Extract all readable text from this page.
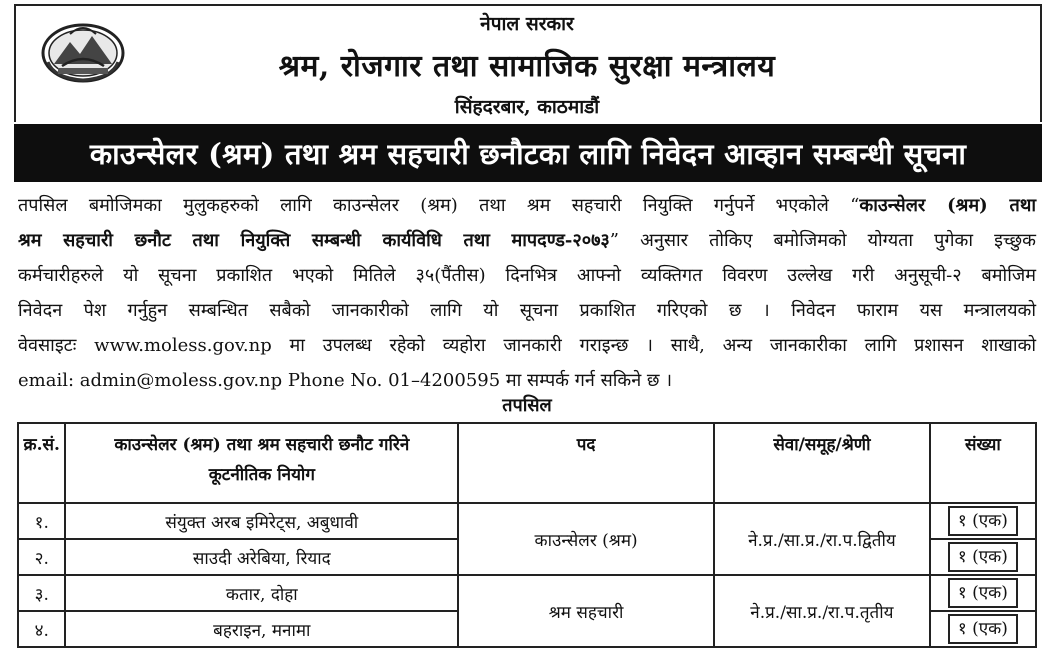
नेपाल सरकार
श्रम, रोजगार तथा सामाजिक सुरक्षा मन्त्रालय
सिंहदरबार, काठमाडौं
काउन्सेलर (श्रम) तथा श्रम सहचारी छनौटका लागि निवेदन आव्हान सम्बन्धी सूचना
तपसिल बमोजिमका मुलुकहरुको लागि काउन्सेलर (श्रम) तथा श्रम सहचारी नियुक्ति गर्नुपर्ने भएकोले “काउन्सेलर (श्रम) तथा
श्रम सहचारी छनौट तथा नियुक्ति सम्बन्धी कार्यविधि तथा मापदण्ड-२०७३” अनुसार तोकिए बमोजिमको योग्यता पुगेका इच्छुक
कर्मचारीहरुले यो सूचना प्रकाशित भएको मितिले ३५(पैंतीस) दिनभित्र आफ्नो व्यक्तिगत विवरण उल्लेख गरी अनुसूची-२ बमोजिम
निवेदन पेश गर्नुहुन सम्बन्धित सबैको जानकारीको लागि यो सूचना प्रकाशित गरिएको छ । निवेदन फाराम यस मन्त्रालयको
वेवसाइटः www.moless.gov.np मा उपलब्ध रहेको व्यहोरा जानकारी गराइन्छ । साथै, अन्य जानकारीका लागि प्रशासन शाखाको
email: admin@moless.gov.np Phone No. 01–4200595 मा सम्पर्क गर्न सकिने छ ।
तपसिल
क्र.सं.	काउन्सेलर (श्रम) तथा श्रम सहचारी छनौट गरिने कूटनीतिक नियोग	पद	सेवा/समूह/श्रेणी	संख्या
१.	संयुक्त अरब इमिरेट्स, अबुधावी	काउन्सेलर (श्रम)	ने.प्र./सा.प्र./रा.प.द्वितीय	१ (एक)
२.	साउदी अरेबिया, रियाद			१ (एक)
३.	कतार, दोहा	श्रम सहचारी	ने.प्र./सा.प्र./रा.प.तृतीय	१ (एक)
४.	बहराइन, मनामा			१ (एक)
